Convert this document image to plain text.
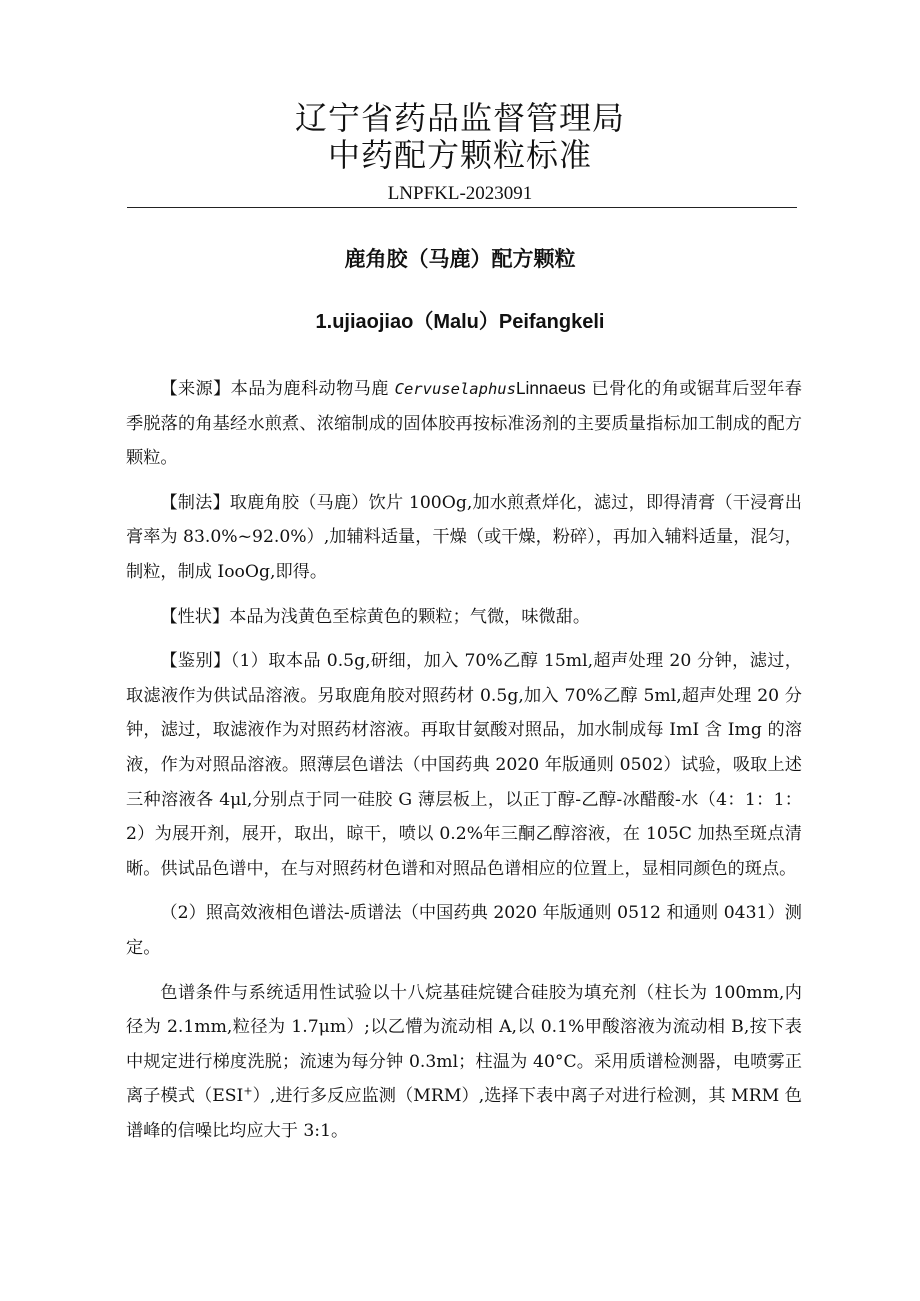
辽宁省药品监督管理局
中药配方颗粒标准
LNPFKL-2023091
鹿角胶（马鹿）配方颗粒
1.ujiaojiao（Malu）Peifangkeli

【来源】本品为鹿科动物马鹿 CervuselaphusLinnaeus 已骨化的角或锯茸后翌年春季脱落的角基经水煎煮、浓缩制成的固体胶再按标准汤剂的主要质量指标加工制成的配方颗粒。

【制法】取鹿角胶（马鹿）饮片 100Og,加水煎煮烊化，滤过，即得清膏（干浸膏出膏率为 83.0%~92.0%）,加辅料适量，干燥（或干燥，粉碎），再加入辅料适量，混匀，制粒，制成 IooOg,即得。

【性状】本品为浅黄色至棕黄色的颗粒；气微，味微甜。

【鉴别】（1）取本品 0.5g,研细，加入 70%乙醇 15ml,超声处理 20 分钟，滤过，取滤液作为供试品溶液。另取鹿角胶对照药材 0.5g,加入 70%乙醇 5ml,超声处理 20 分钟，滤过，取滤液作为对照药材溶液。再取甘氨酸对照品，加水制成每 ImI 含 Img 的溶液，作为对照品溶液。照薄层色谱法（中国药典 2020 年版通则 0502）试验，吸取上述三种溶液各 4μl,分别点于同一硅胶 G 薄层板上，以正丁醇-乙醇-冰醋酸-水（4：1：1：2）为展开剂，展开，取出，晾干，喷以 0.2%年三酮乙醇溶液，在 105C 加热至斑点清晰。供试品色谱中，在与对照药材色谱和对照品色谱相应的位置上，显相同颜色的斑点。

（2）照高效液相色谱法-质谱法（中国药典 2020 年版通则 0512 和通则 0431）测定。

色谱条件与系统适用性试验以十八烷基硅烷键合硅胶为填充剂（柱长为 100mm,内径为 2.1mm,粒径为 1.7μm）;以乙懵为流动相 A,以 0.1%甲酸溶液为流动相 B,按下表中规定进行梯度洗脱；流速为每分钟 0.3ml；柱温为 40°C。采用质谱检测器，电喷雾正离子模式（ESI+）,进行多反应监测（MRM）,选择下表中离子对进行检测，其 MRM 色谱峰的信噪比均应大于 3:1。
